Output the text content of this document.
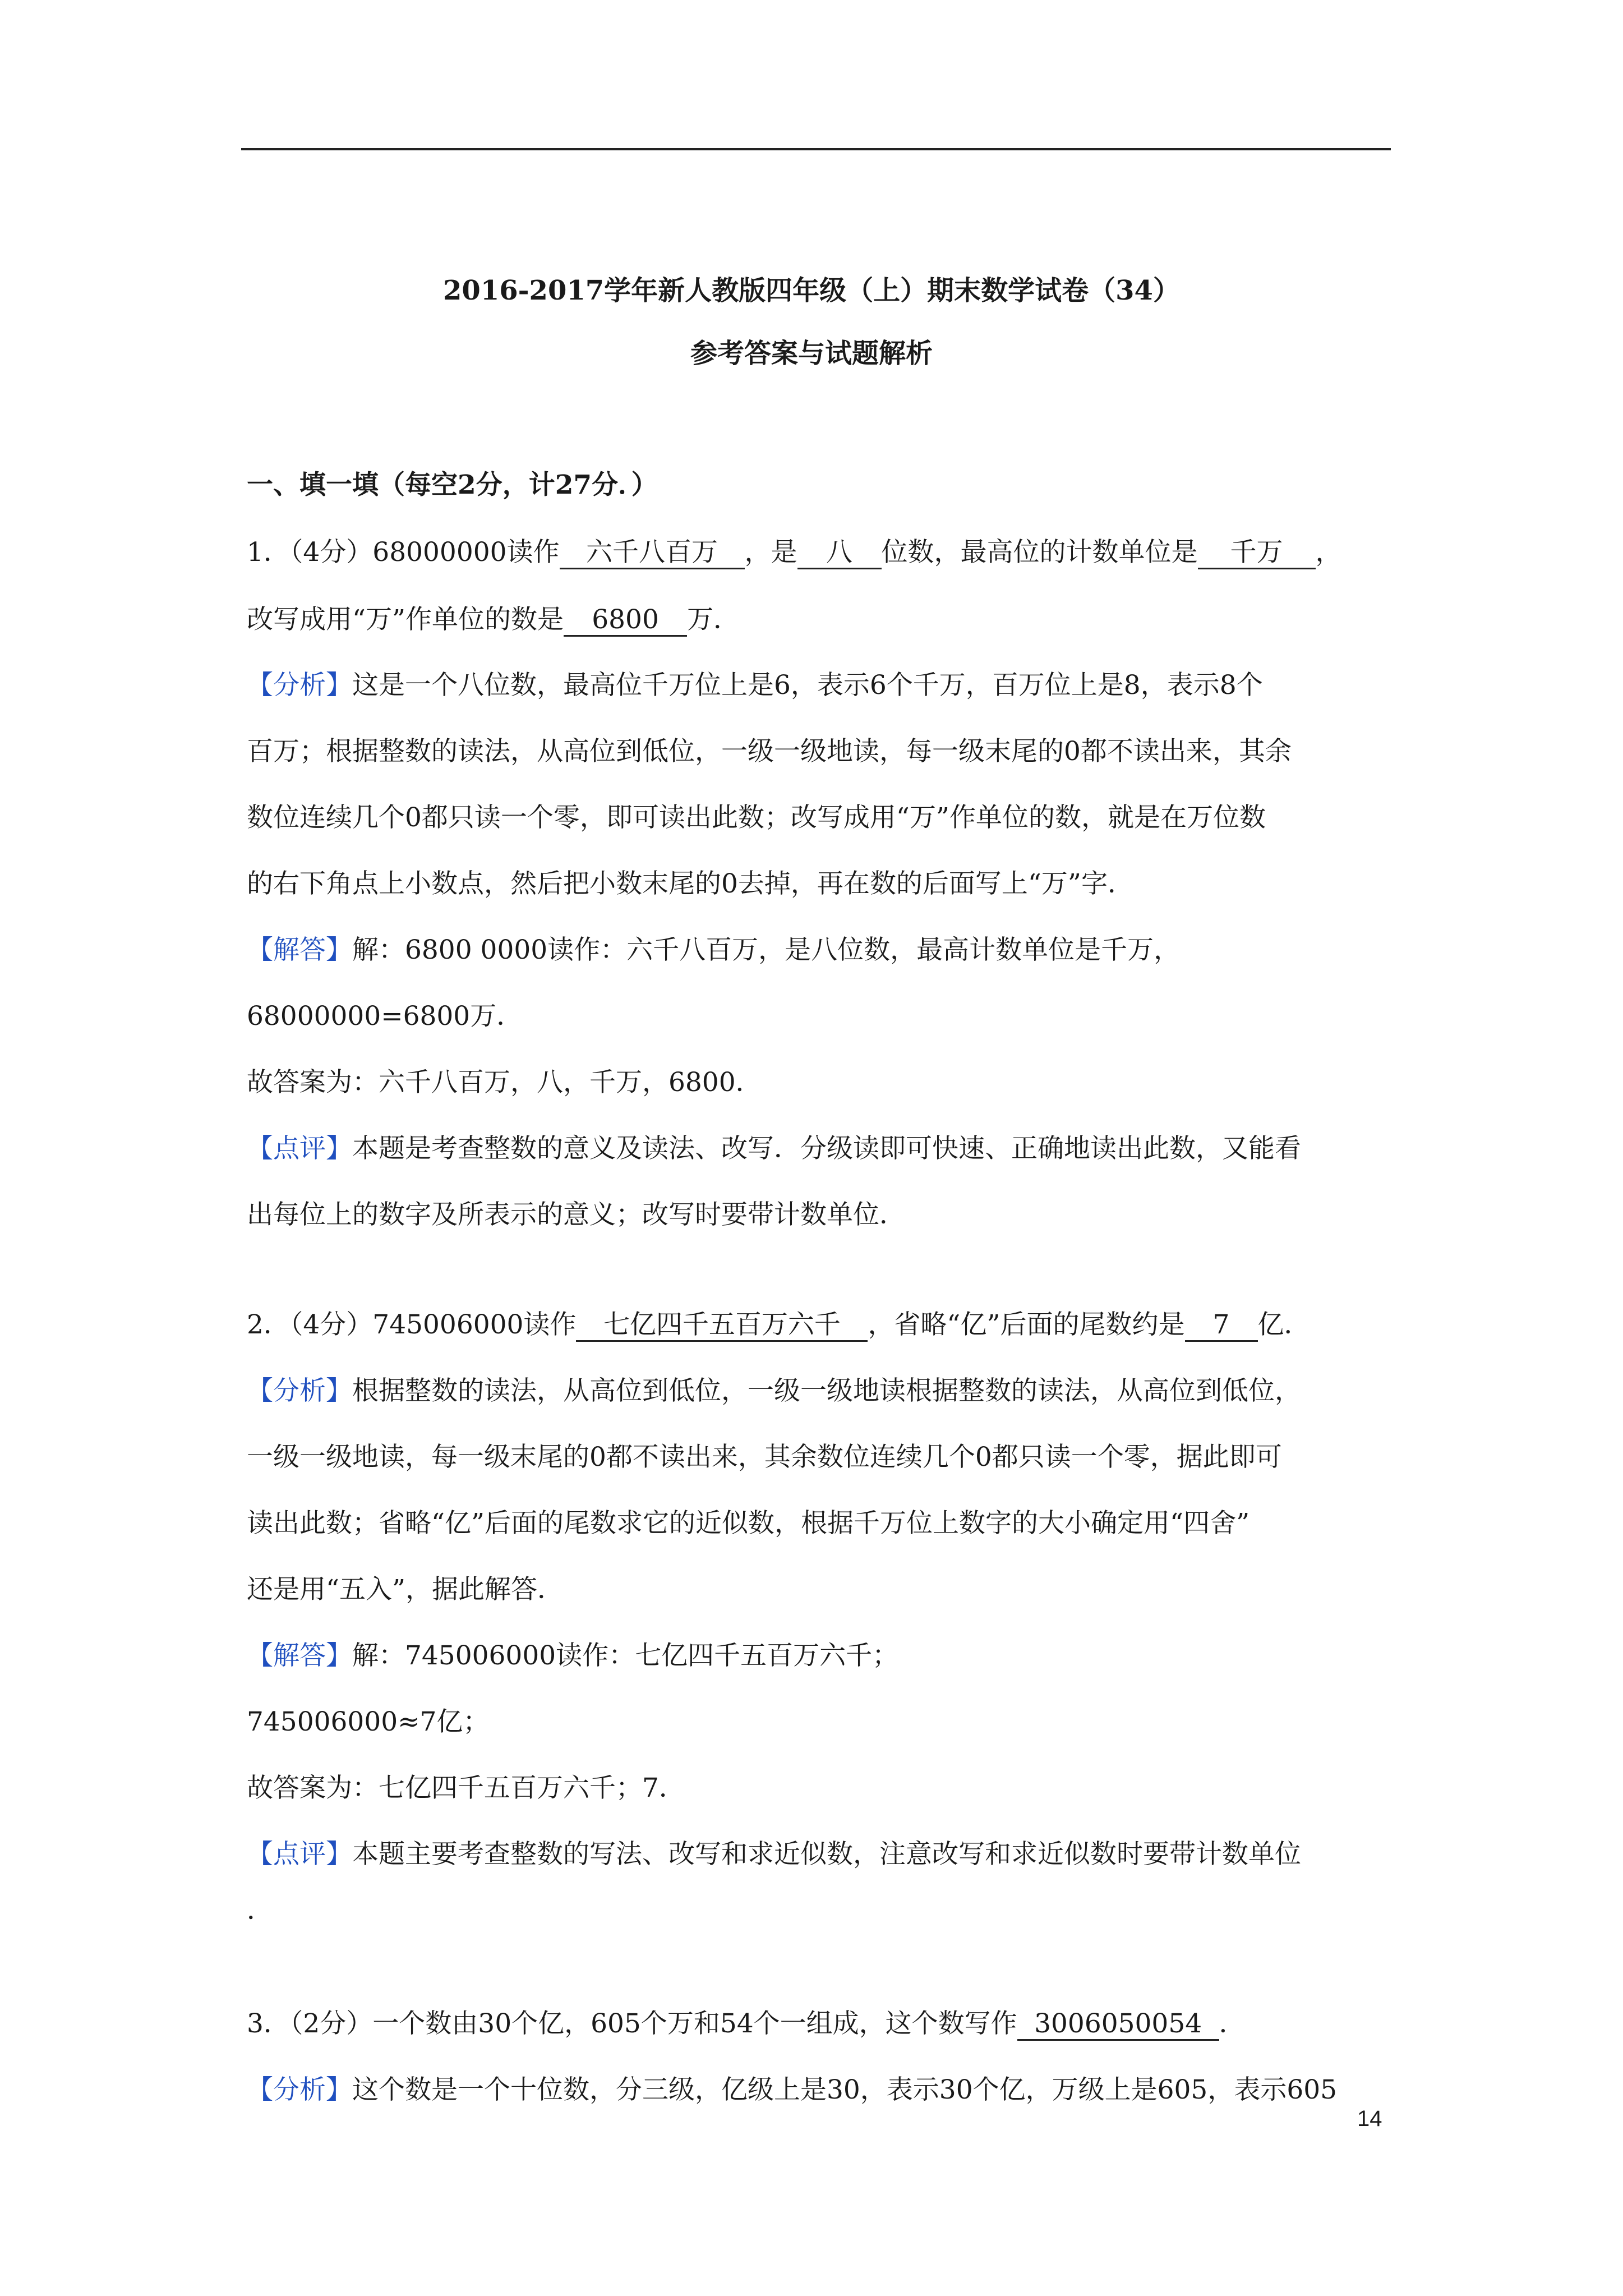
2016-2017学年新人教版四年级（上）期末数学试卷（34）
参考答案与试题解析
一、填一填（每空2分，计27分．）
1．（4分）68000000读作 六千八百万 ，是 八 位数，最高位的计数单位是 千万 ，
改写成用“万”作单位的数是 6800 万．
【分析】这是一个八位数，最高位千万位上是6，表示6个千万，百万位上是8，表示8个
百万；根据整数的读法，从高位到低位，一级一级地读，每一级末尾的0都不读出来，其余
数位连续几个0都只读一个零，即可读出此数；改写成用“万”作单位的数，就是在万位数
的右下角点上小数点，然后把小数末尾的0去掉，再在数的后面写上“万”字．
【解答】解：6800 0000读作：六千八百万，是八位数，最高计数单位是千万，
68000000=6800万．
故答案为：六千八百万，八，千万，6800．
【点评】本题是考查整数的意义及读法、改写．分级读即可快速、正确地读出此数，又能看
出每位上的数字及所表示的意义；改写时要带计数单位．
2．（4分）745006000读作 七亿四千五百万六千 ，省略“亿”后面的尾数约是 7 亿．
【分析】根据整数的读法，从高位到低位，一级一级地读根据整数的读法，从高位到低位，
一级一级地读，每一级末尾的0都不读出来，其余数位连续几个0都只读一个零，据此即可
读出此数；省略“亿”后面的尾数求它的近似数，根据千万位上数字的大小确定用“四舍”
还是用“五入”，据此解答．
【解答】解：745006000读作：七亿四千五百万六千；
745006000≈7亿；
故答案为：七亿四千五百万六千；7．
【点评】本题主要考查整数的写法、改写和求近似数，注意改写和求近似数时要带计数单位
．
3．（2分）一个数由30个亿，605个万和54个一组成，这个数写作 3006050054 ．
【分析】这个数是一个十位数，分三级，亿级上是30，表示30个亿，万级上是605，表示605
14
